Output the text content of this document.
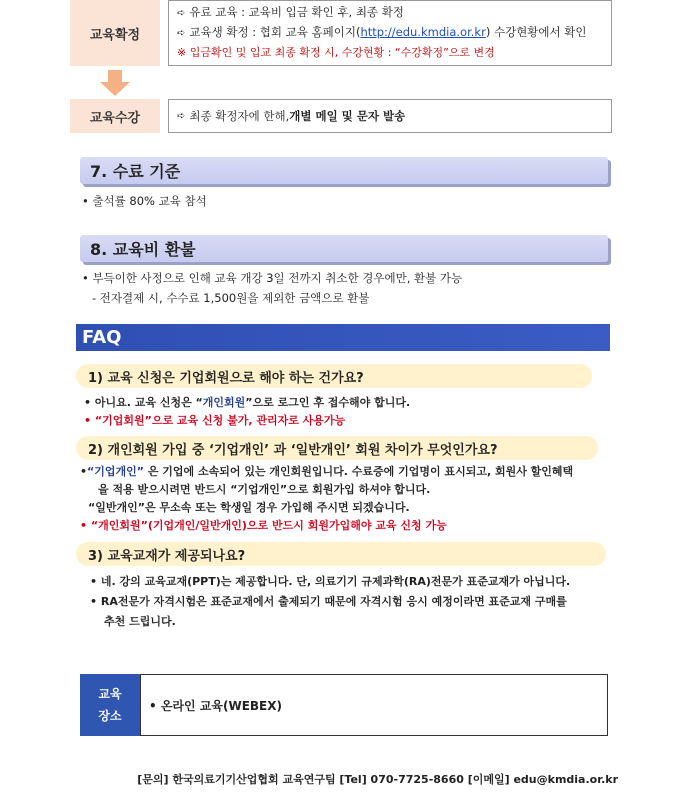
교육확정
➪ 유료 교육 : 교육비 입금 확인 후, 최종 확정
➪ 교육생 확정 : 협회 교육 홈페이지(http://edu.kmdia.or.kr) 수강현황에서 확인
※ 입금확인 및 입교 최종 확정 시, 수강현황 : “수강확정”으로 변경
교육수강	➪ 최종 확정자에 한해, 개별 메일 및 문자 발송
7. 수료 기준
• 출석률 80% 교육 참석
8. 교육비 환불
• 부득이한 사정으로 인해 교육 개강 3일 전까지 취소한 경우에만, 환불 가능
- 전자결제 시, 수수료 1,500원을 제외한 금액으로 환불
FAQ
1) 교육 신청은 기업회원으로 해야 하는 건가요?
• 아니요. 교육 신청은 “개인회원”으로 로그인 후 접수해야 합니다.
• “기업회원”으로 교육 신청 불가, 관리자로 사용가능
2) 개인회원 가입 중 ‘기업개인’ 과 ‘일반개인’ 회원 차이가 무엇인가요?
•“기업개인” 은 기업에 소속되어 있는 개인회원입니다. 수료증에 기업명이 표시되고, 회원사 할인혜택
을 적용 받으시려면 반드시 “기업개인”으로 회원가입 하셔야 합니다.
“일반개인”은 무소속 또는 학생일 경우 가입해 주시면 되겠습니다.
• “개인회원”(기업개인/일반개인)으로 반드시 회원가입해야 교육 신청 가능
3) 교육교재가 제공되나요?
• 네. 강의 교육교재(PPT)는 제공합니다. 단, 의료기기 규제과학(RA)전문가 표준교재가 아닙니다.
• RA전문가 자격시험은 표준교재에서 출제되기 때문에 자격시험 응시 예정이라면 표준교재 구매를
추천 드립니다.
교육
장소
• 온라인 교육(WEBEX)
[문의] 한국의료기기산업협회 교육연구팀 [Tel] 070-7725-8660 [이메일] edu@kmdia.or.kr
